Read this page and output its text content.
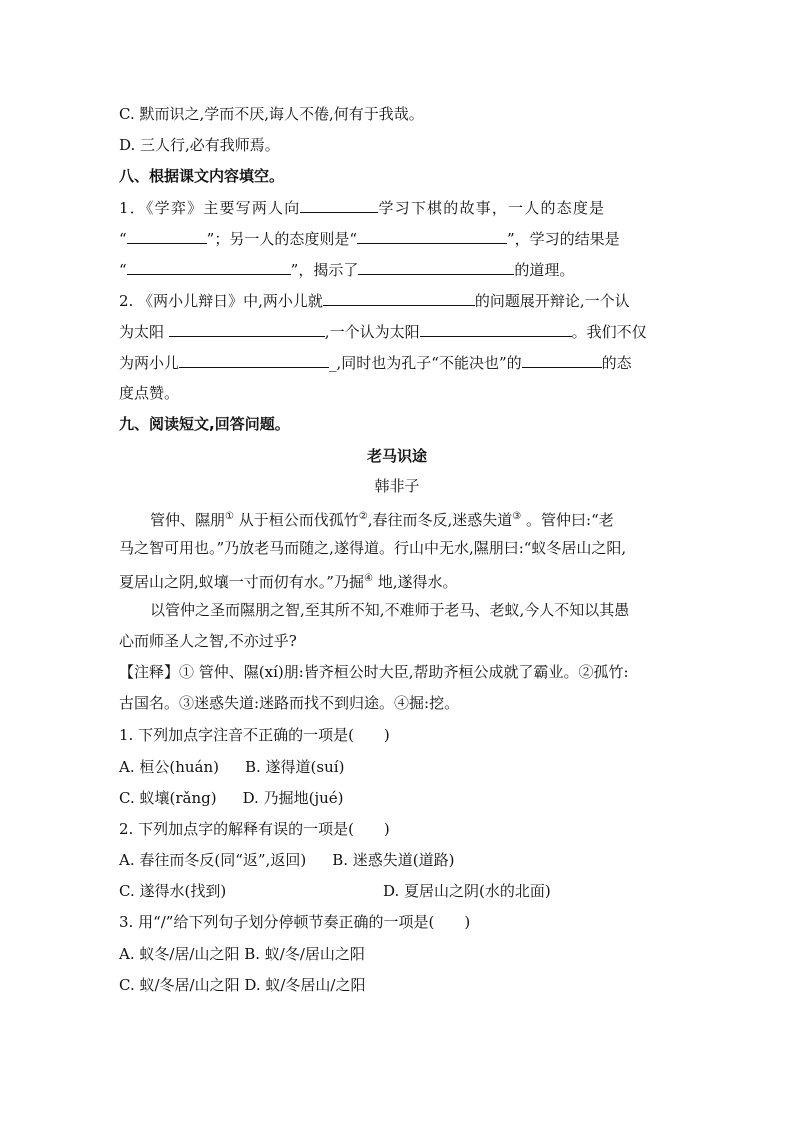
C. 默而识之,学而不厌,诲人不倦,何有于我哉。
D. 三人行,必有我师焉。
八、根据课文内容填空。
1．《学弈》主要写两人向	学习下棋的故事，一人的态度是
“	”；另一人的态度则是“	”，学习的结果是
“	”，揭示了	的道理。
2. 《两小儿辩日》中,两小儿就	的问题展开辩论,一个认
为太阳	,一个认为太阳	。我们不仅
为两小儿	_,同时也为孔子“不能决也”的	的态
度点赞。
九、阅读短文,回答问题。
老马识途
韩非子
管仲、隰朋① 从于桓公而伐孤竹②,春往而冬反,迷惑失道③ 。管仲曰:“老
马之智可用也。”乃放老马而随之,遂得道。行山中无水,隰朋曰:“蚁冬居山之阳,
夏居山之阴,蚁壤一寸而仞有水。”乃掘④ 地,遂得水。
以管仲之圣而隰朋之智,至其所不知,不难师于老马、老蚁,今人不知以其愚
心而师圣人之智,不亦过乎?
【注释】① 管仲、隰(xí)朋:皆齐桓公时大臣,帮助齐桓公成就了霸业。②孤竹:
古国名。③迷惑失道:迷路而找不到归途。④掘:挖。
1. 下列加点字注音不正确的一项是(　　)
A. 桓公(huán) B. 遂得道(suí)
C. 蚁壤(rǎng) D. 乃掘地(jué)
2. 下列加点字的解释有误的一项是(　　)
A. 春往而冬反(同“返”,返回) B. 迷惑失道(道路)
C. 遂得水(找到)	D. 夏居山之阴(水的北面)
3. 用“/”给下列句子划分停顿节奏正确的一项是(　　)
A. 蚁冬/居/山之阳 B. 蚁/冬/居山之阳
C. 蚁/冬居/山之阳 D. 蚁/冬居山/之阳
